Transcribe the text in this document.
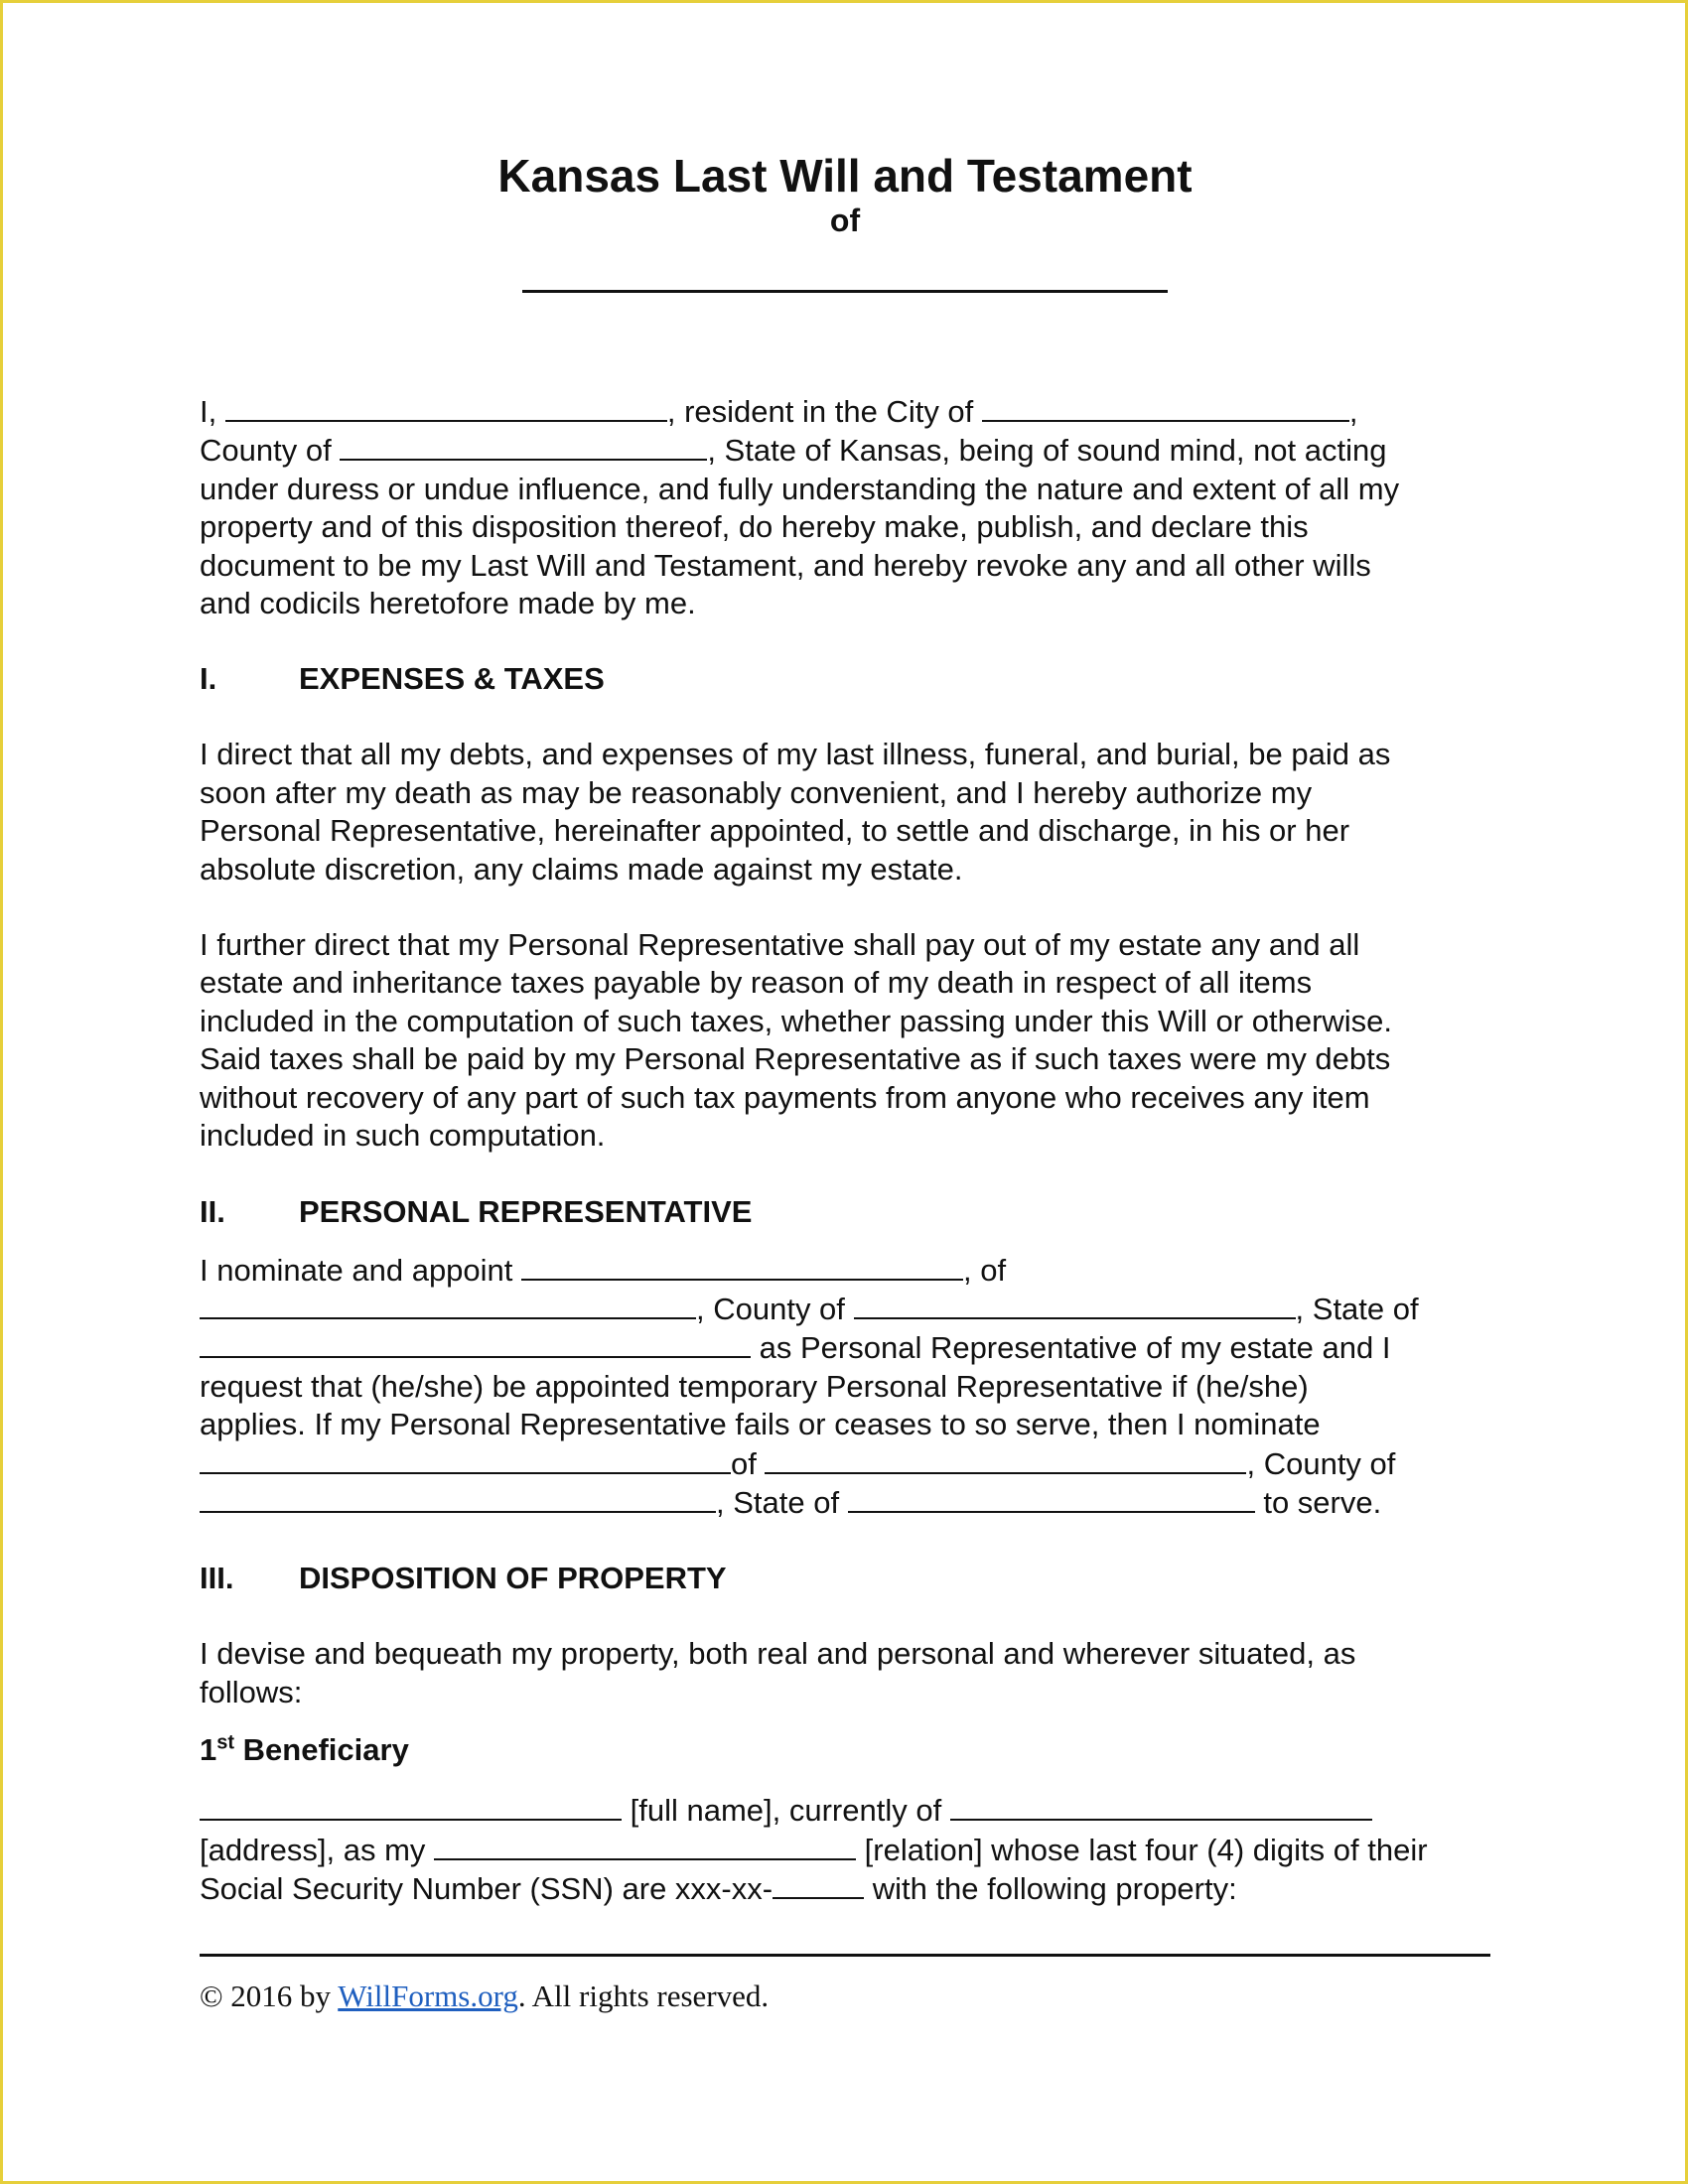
Kansas Last Will and Testament

of

I,	, resident in the City of	,

County of	, State of Kansas, being of sound mind, not acting

under duress or undue influence, and fully understanding the nature and extent of all my

property and of this disposition thereof, do hereby make, publish, and declare this

document to be my Last Will and Testament, and hereby revoke any and all other wills

and codicils heretofore made by me.

I.	EXPENSES & TAXES

I direct that all my debts, and expenses of my last illness, funeral, and burial, be paid as

soon after my death as may be reasonably convenient, and I hereby authorize my

Personal Representative, hereinafter appointed, to settle and discharge, in his or her

absolute discretion, any claims made against my estate.

I further direct that my Personal Representative shall pay out of my estate any and all

estate and inheritance taxes payable by reason of my death in respect of all items

included in the computation of such taxes, whether passing under this Will or otherwise.

Said taxes shall be paid by my Personal Representative as if such taxes were my debts

without recovery of any part of such tax payments from anyone who receives any item

included in such computation.

II. PERSONAL REPRESENTATIVE

I nominate and appoint	, of

, County of	, State of

as Personal Representative of my estate and I

request that (he/she) be appointed temporary Personal Representative if (he/she)

applies. If my Personal Representative fails or ceases to so serve, then I nominate

of	, County of

, State of	to serve.

III. DISPOSITION OF PROPERTY

I devise and bequeath my property, both real and personal and wherever situated, as

follows:

1st Beneficiary

[full name], currently of

[address], as my	[relation] whose last four (4) digits of their

Social Security Number (SSN) are xxx-xx-	with the following property:

© 2016 by WillForms.org. All rights reserved.
